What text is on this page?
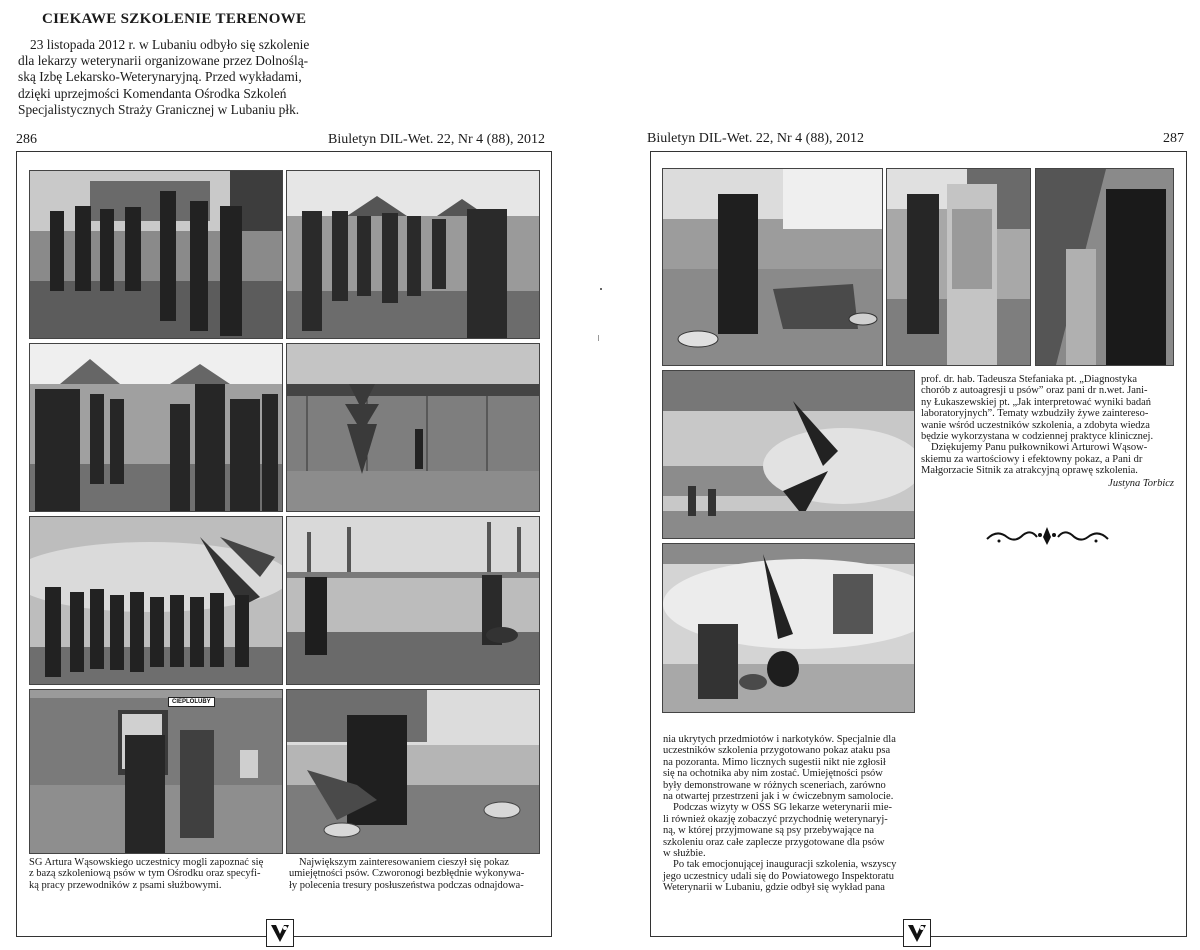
CIEKAWE SZKOLENIE TERENOWE
23 listopada 2012 r. w Lubaniu odbyło się szkolenie
dla lekarzy weterynarii organizowane przez Dolnoślą-
ską Izbę Lekarsko-Weterynaryjną. Przed wykładami,
dzięki uprzejmości Komendanta Ośrodka Szkoleń
Specjalistycznych Straży Granicznej w Lubaniu płk.
286	Biuletyn DIL-Wet. 22, Nr 4 (88), 2012
CIEPLOLUBY
SG Artura Wąsowskiego uczestnicy mogli zapoznać się
z bazą szkoleniową psów w tym Ośrodku oraz specyfi-
ką pracy przewodników z psami służbowymi.
Największym zainteresowaniem cieszył się pokaz
umiejętności psów. Czworonogi bezbłędnie wykonywa-
ły polecenia tresury posłuszeństwa podczas odnajdowa-
Biuletyn DIL-Wet. 22, Nr 4 (88), 2012	287
prof. dr. hab. Tadeusza Stefaniaka pt. „Diagnostyka
chorób z autoagresji u psów” oraz pani dr n.wet. Jani-
ny Łukaszewskiej pt. „Jak interpretować wyniki badań
laboratoryjnych”. Tematy wzbudziły żywe zaintereso-
wanie wśród uczestników szkolenia, a zdobyta wiedza
będzie wykorzystana w codziennej praktyce klinicznej.
Dziękujemy Panu pułkownikowi Arturowi Wąsow-
skiemu za wartościowy i efektowny pokaz, a Pani dr
Małgorzacie Sitnik za atrakcyjną oprawę szkolenia.
Justyna Torbicz
nia ukrytych przedmiotów i narkotyków. Specjalnie dla
uczestników szkolenia przygotowano pokaz ataku psa
na pozoranta. Mimo licznych sugestii nikt nie zgłosił
się na ochotnika aby nim zostać. Umiejętności psów
były demonstrowane w różnych sceneriach, zarówno
na otwartej przestrzeni jak i w ćwiczebnym samolocie.
Podczas wizyty w OSS SG lekarze weterynarii mie-
li również okazję zobaczyć przychodnię weterynaryj-
ną, w której przyjmowane są psy przebywające na
szkoleniu oraz całe zaplecze przygotowane dla psów
w służbie.
Po tak emocjonującej inauguracji szkolenia, wszyscy
jego uczestnicy udali się do Powiatowego Inspektoratu
Weterynarii w Lubaniu, gdzie odbył się wykład pana
